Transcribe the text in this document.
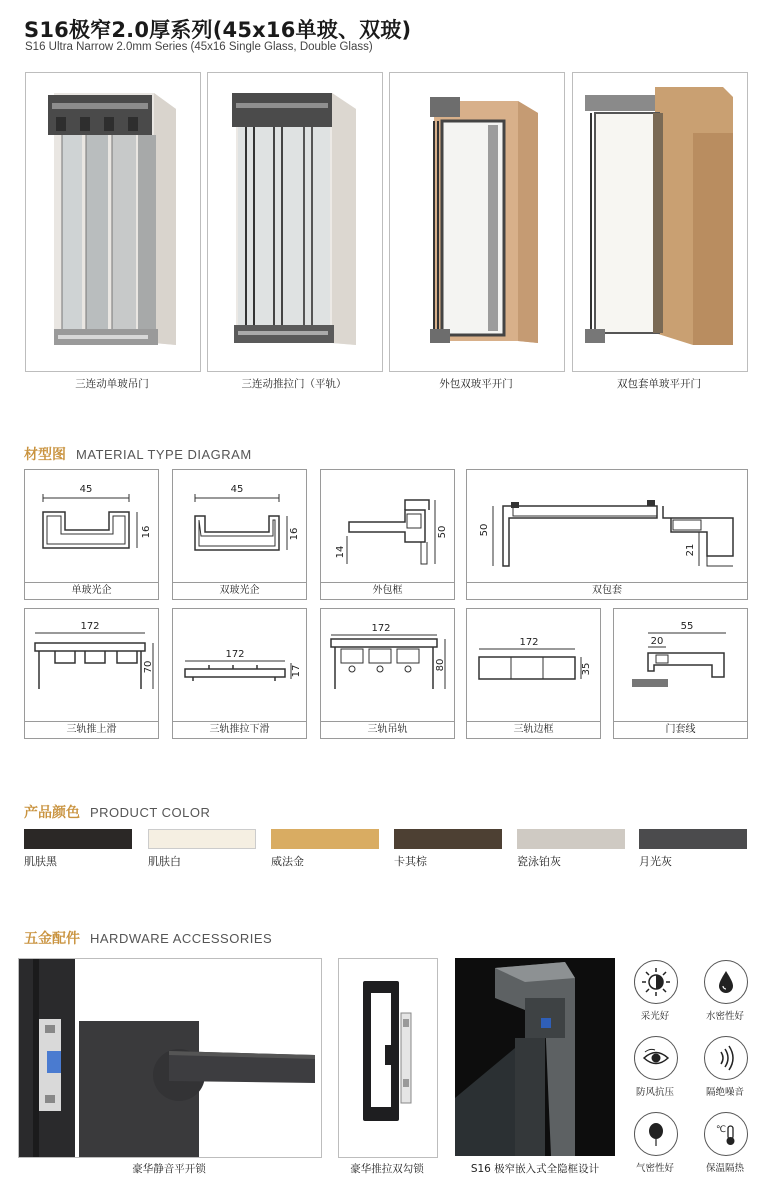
S16极窄2.0厚系列(45x16单玻、双玻)
S16 Ultra Narrow 2.0mm Series (45x16 Single Glass, Double Glass)
三连动单玻吊门	三连动推拉门（平轨）	外包双玻平开门	双包套单玻平开门
材型图 MATERIAL TYPE DIAGRAM
45
16
单玻光企
45
16
双玻光企
14
50
外包框
50
21
双包套
172
70
三轨推上滑
172
17
三轨推拉下滑
172
80
三轨吊轨
172
35
三轨边框
55
20
门套线
产品颜色 PRODUCT COLOR
肌肤黑	肌肤白	威法金	卡其棕	瓷泳铂灰	月光灰
五金配件 HARDWARE ACCESSORIES
豪华静音平开锁	豪华推拉双勾锁	S16 极窄嵌入式全隐框设计
采光好	水密性好
防风抗压	隔绝噪音
气密性好
℃
保温隔热
